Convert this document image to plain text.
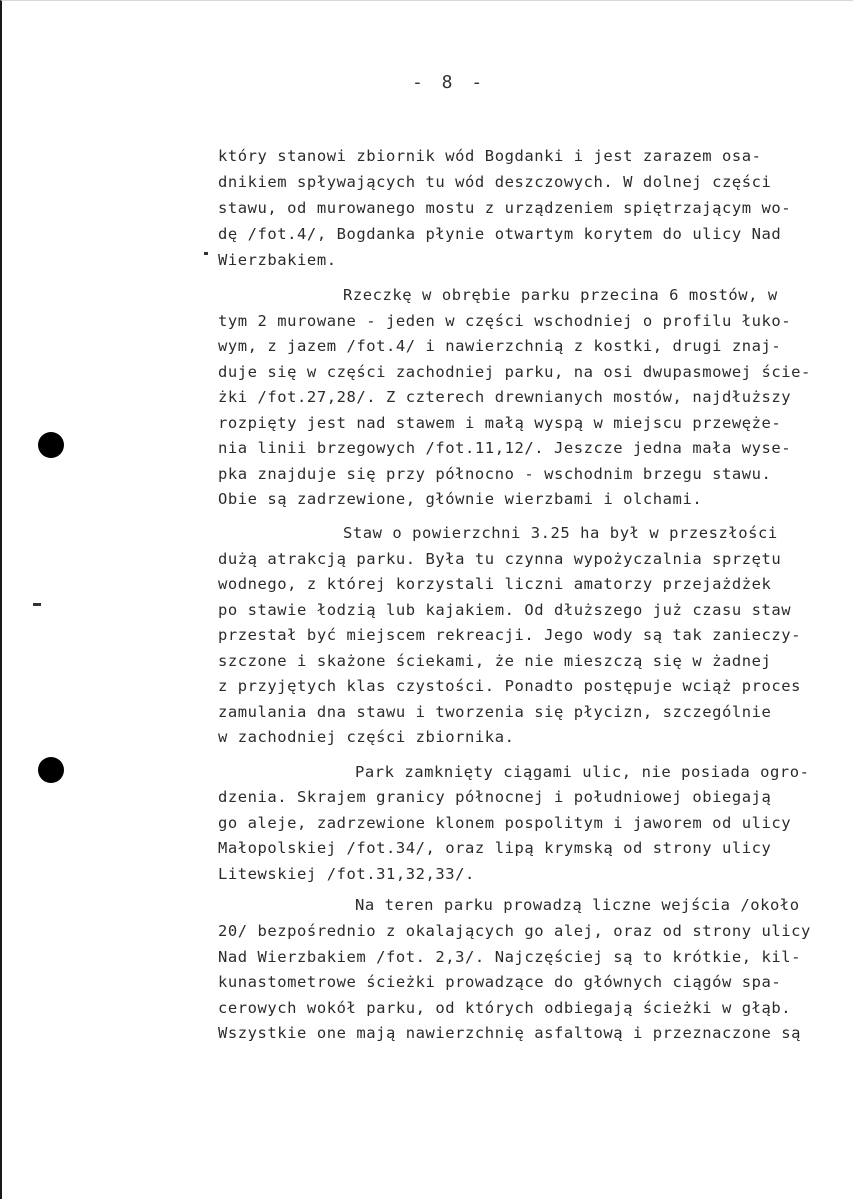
- 8 -
który stanowi zbiornik wód Bogdanki i jest zarazem osa-
dnikiem spływających tu wód deszczowych. W dolnej części
stawu, od murowanego mostu z urządzeniem spiętrzającym wo-
dę /fot.4/, Bogdanka płynie otwartym korytem do ulicy Nad
Wierzbakiem.
Rzeczkę w obrębie parku przecina 6 mostów, w
tym 2 murowane - jeden w części wschodniej o profilu łuko-
wym, z jazem /fot.4/ i nawierzchnią z kostki, drugi znaj-
duje się w części zachodniej parku, na osi dwupasmowej ście-
żki /fot.27,28/. Z czterech drewnianych mostów, najdłuższy
rozpięty jest nad stawem i małą wyspą w miejscu przewęże-
nia linii brzegowych /fot.11,12/. Jeszcze jedna mała wyse-
pka znajduje się przy północno - wschodnim brzegu stawu.
Obie są zadrzewione, głównie wierzbami i olchami.
Staw o powierzchni 3.25 ha był w przeszłości
dużą atrakcją parku. Była tu czynna wypożyczalnia sprzętu
wodnego, z której korzystali liczni amatorzy przejażdżek
po stawie łodzią lub kajakiem. Od dłuższego już czasu staw
przestał być miejscem rekreacji. Jego wody są tak zanieczy-
szczone i skażone ściekami, że nie mieszczą się w żadnej
z przyjętych klas czystości. Ponadto postępuje wciąż proces
zamulania dna stawu i tworzenia się płycizn, szczególnie
w zachodniej części zbiornika.
Park zamknięty ciągami ulic, nie posiada ogro-
dzenia. Skrajem granicy północnej i południowej obiegają
go aleje, zadrzewione klonem pospolitym i jaworem od ulicy
Małopolskiej /fot.34/, oraz lipą krymską od strony ulicy
Litewskiej /fot.31,32,33/.
Na teren parku prowadzą liczne wejścia /około
20/ bezpośrednio z okalających go alej, oraz od strony ulicy
Nad Wierzbakiem /fot. 2,3/. Najczęściej są to krótkie, kil-
kunastometrowe ścieżki prowadzące do głównych ciągów spa-
cerowych wokół parku, od których odbiegają ścieżki w głąb.
Wszystkie one mają nawierzchnię asfaltową i przeznaczone są
